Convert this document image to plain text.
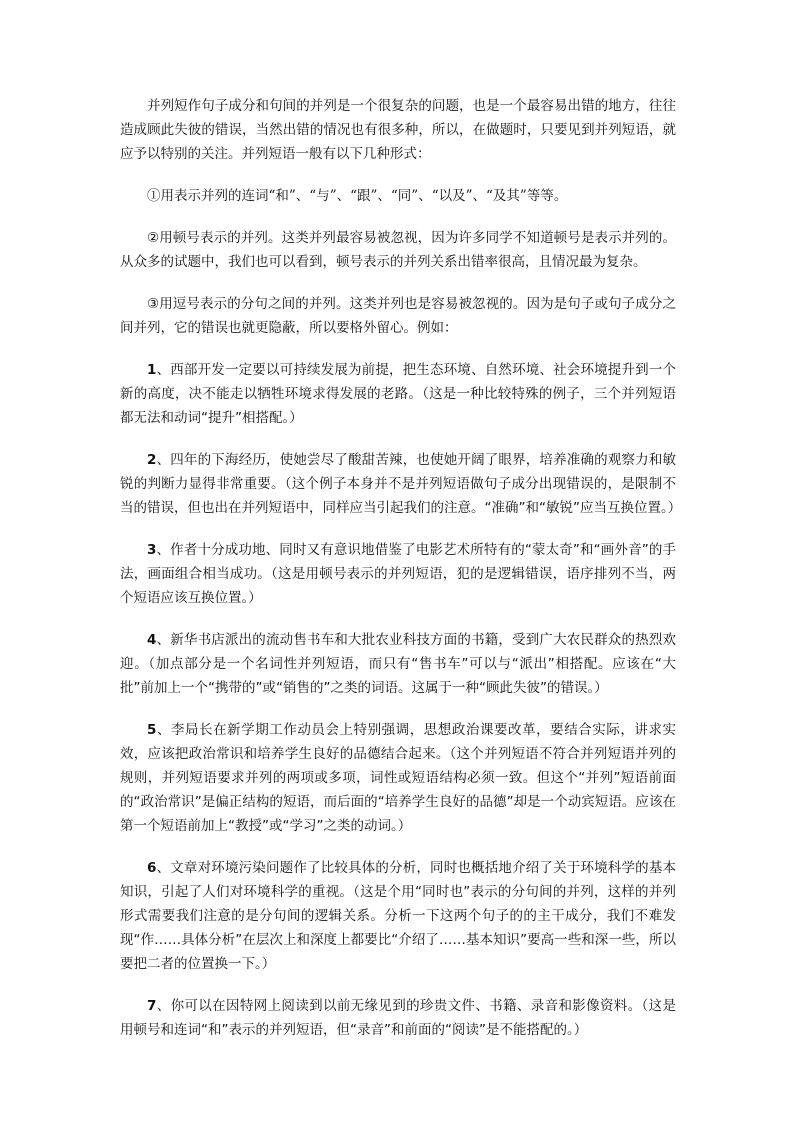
并列短作句子成分和句间的并列是一个很复杂的问题，也是一个最容易出错的地方，往往造成顾此失彼的错误，当然出错的情况也有很多种，所以，在做题时，只要见到并列短语，就应予以特别的关注。并列短语一般有以下几种形式：

①用表示并列的连词“和”、“与”、“跟”、“同”、“以及”、“及其”等等。

②用顿号表示的并列。这类并列最容易被忽视，因为许多同学不知道顿号是表示并列的。从众多的试题中，我们也可以看到，顿号表示的并列关系出错率很高，且情况最为复杂。

③用逗号表示的分句之间的并列。这类并列也是容易被忽视的。因为是句子或句子成分之间并列，它的错误也就更隐蔽，所以要格外留心。例如：

1、西部开发一定要以可持续发展为前提，把生态环境、自然环境、社会环境提升到一个新的高度，决不能走以牺牲环境求得发展的老路。（这是一种比较特殊的例子，三个并列短语都无法和动词“提升”相搭配。）

2、四年的下海经历，使她尝尽了酸甜苦辣，也使她开阔了眼界，培养准确的观察力和敏锐的判断力显得非常重要。（这个例子本身并不是并列短语做句子成分出现错误的，是限制不当的错误，但也出在并列短语中，同样应当引起我们的注意。“准确”和“敏锐”应当互换位置。）

3、作者十分成功地、同时又有意识地借鉴了电影艺术所特有的“蒙太奇”和“画外音”的手法，画面组合相当成功。（这是用顿号表示的并列短语，犯的是逻辑错误，语序排列不当，两个短语应该互换位置。）

4、新华书店派出的流动售书车和大批农业科技方面的书籍，受到广大农民群众的热烈欢迎。（加点部分是一个名词性并列短语，而只有“售书车”可以与“派出”相搭配。应该在“大批”前加上一个“携带的”或“销售的”之类的词语。这属于一种“顾此失彼”的错误。）

5、李局长在新学期工作动员会上特别强调，思想政治课要改革，要结合实际，讲求实效，应该把政治常识和培养学生良好的品德结合起来。（这个并列短语不符合并列短语并列的规则，并列短语要求并列的两项或多项，词性或短语结构必须一致。但这个“并列”短语前面的“政治常识”是偏正结构的短语，而后面的“培养学生良好的品德”却是一个动宾短语。应该在第一个短语前加上“教授”或“学习”之类的动词。）

6、文章对环境污染问题作了比较具体的分析，同时也概括地介绍了关于环境科学的基本知识，引起了人们对环境科学的重视。（这是个用“同时也”表示的分句间的并列，这样的并列形式需要我们注意的是分句间的逻辑关系。分析一下这两个句子的的主干成分，我们不难发现“作……具体分析”在层次上和深度上都要比“介绍了……基本知识”要高一些和深一些，所以要把二者的位置换一下。）

7、你可以在因特网上阅读到以前无缘见到的珍贵文件、书籍、录音和影像资料。（这是用顿号和连词“和”表示的并列短语，但“录音”和前面的“阅读”是不能搭配的。）
